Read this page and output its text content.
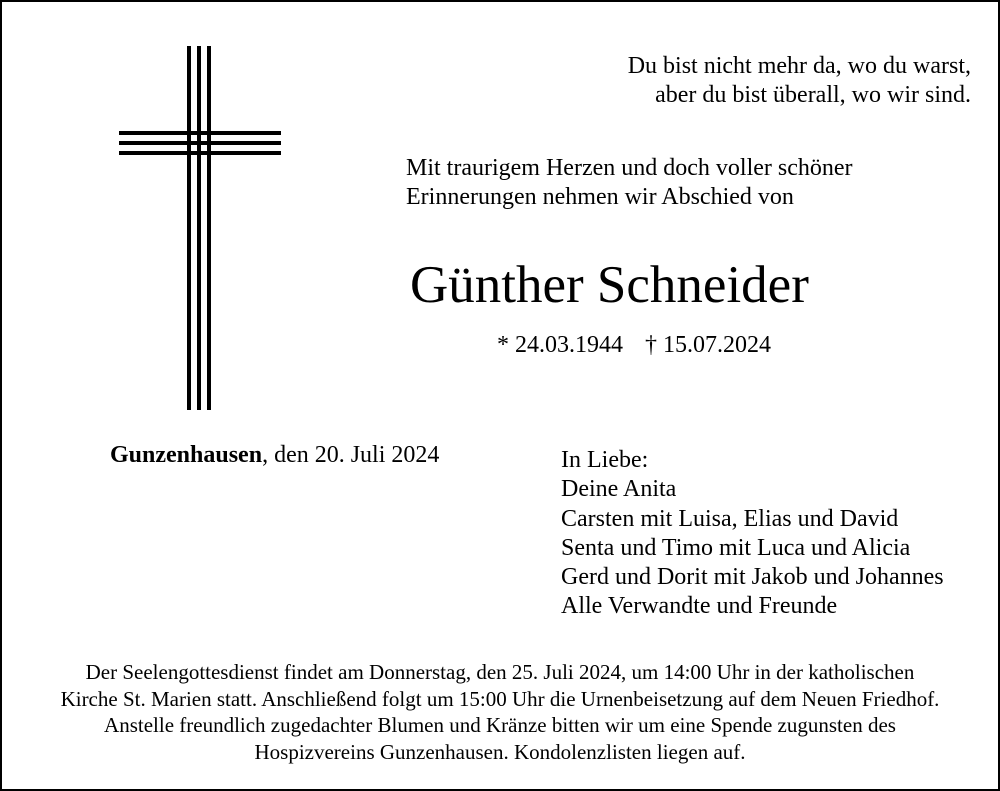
Du bist nicht mehr da, wo du warst,
aber du bist überall, wo wir sind.
Mit traurigem Herzen und doch voller schöner
Erinnerungen nehmen wir Abschied von
Günther Schneider
* 24.03.1944 † 15.07.2024
Gunzenhausen, den 20. Juli 2024	In Liebe:
Deine Anita
Carsten mit Luisa, Elias und David
Senta und Timo mit Luca und Alicia
Gerd und Dorit mit Jakob und Johannes
Alle Verwandte und Freunde
Der Seelengottesdienst findet am Donnerstag, den 25. Juli 2024, um 14:00 Uhr in der katholischen
Kirche St. Marien statt. Anschließend folgt um 15:00 Uhr die Urnenbeisetzung auf dem Neuen Friedhof.
Anstelle freundlich zugedachter Blumen und Kränze bitten wir um eine Spende zugunsten des
Hospizvereins Gunzenhausen. Kondolenzlisten liegen auf.
